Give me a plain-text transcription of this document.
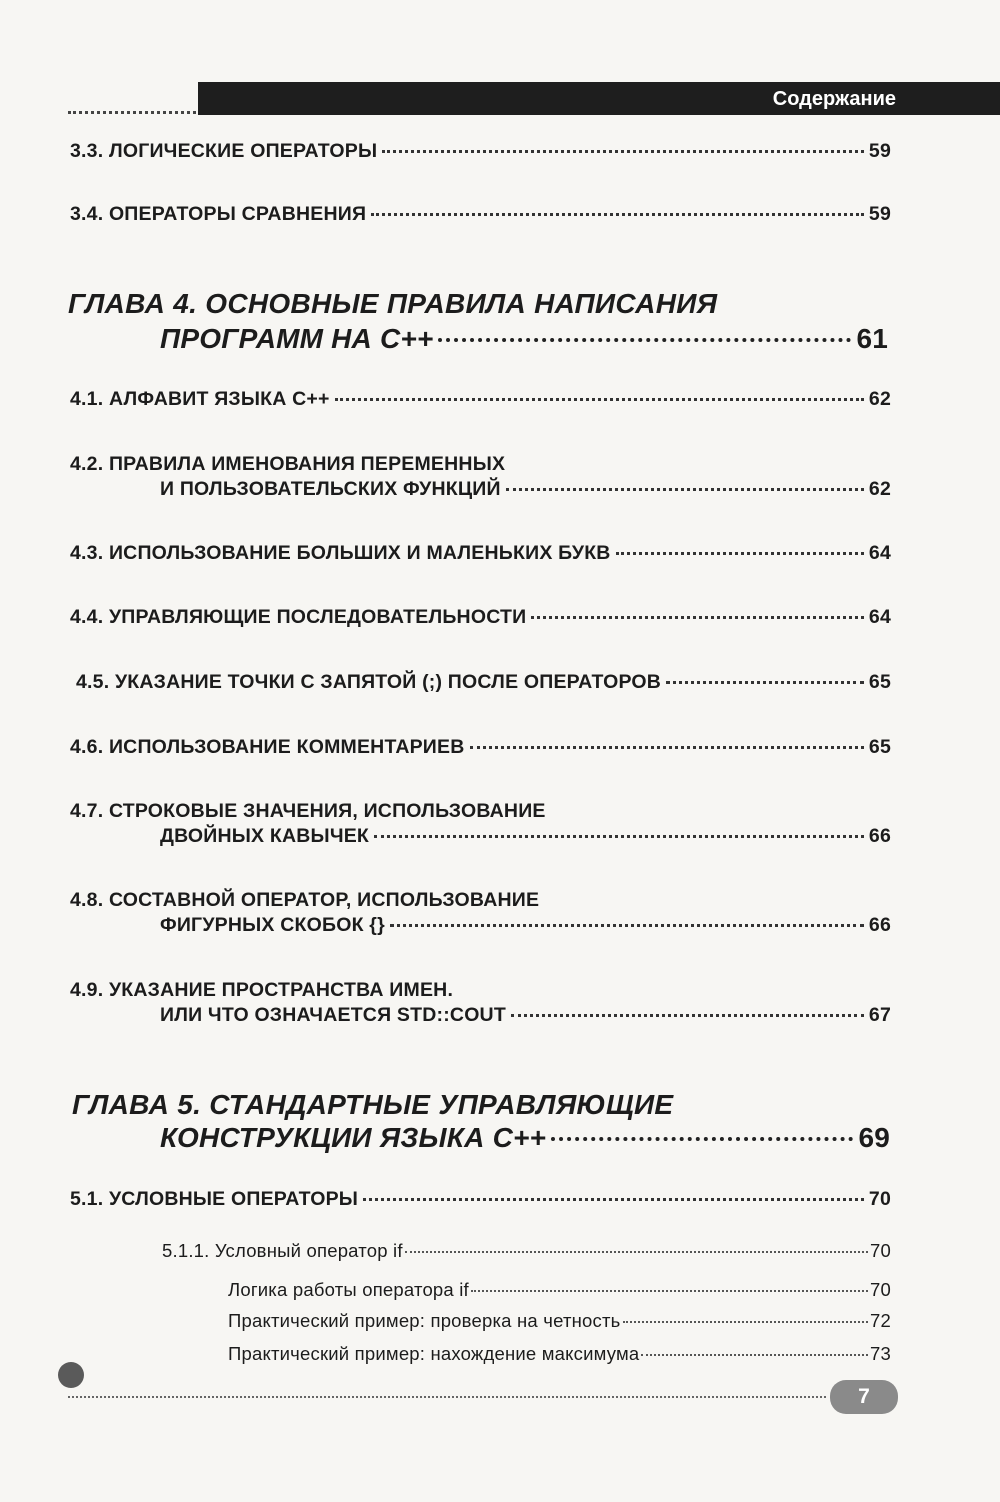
Содержание
3.3. ЛОГИЧЕСКИЕ ОПЕРАТОРЫ	59
3.4. ОПЕРАТОРЫ СРАВНЕНИЯ	59
ГЛАВА 4. ОСНОВНЫЕ ПРАВИЛА НАПИСАНИЯ
ПРОГРАММ НА С++	61
4.1. АЛФАВИТ ЯЗЫКА С++	62
4.2. ПРАВИЛА ИМЕНОВАНИЯ ПЕРЕМЕННЫХ
И ПОЛЬЗОВАТЕЛЬСКИХ ФУНКЦИЙ	62
4.3. ИСПОЛЬЗОВАНИЕ БОЛЬШИХ И МАЛЕНЬКИХ БУКВ	64
4.4. УПРАВЛЯЮЩИЕ ПОСЛЕДОВАТЕЛЬНОСТИ	64
4.5. УКАЗАНИЕ ТОЧКИ С ЗАПЯТОЙ (;) ПОСЛЕ ОПЕРАТОРОВ	65
4.6. ИСПОЛЬЗОВАНИЕ КОММЕНТАРИЕВ	65
4.7. СТРОКОВЫЕ ЗНАЧЕНИЯ, ИСПОЛЬЗОВАНИЕ
ДВОЙНЫХ КАВЫЧЕК	66
4.8. СОСТАВНОЙ ОПЕРАТОР, ИСПОЛЬЗОВАНИЕ
ФИГУРНЫХ СКОБОК {}	66
4.9. УКАЗАНИЕ ПРОСТРАНСТВА ИМЕН.
ИЛИ ЧТО ОЗНАЧАЕТСЯ STD::COUT	67
ГЛАВА 5. СТАНДАРТНЫЕ УПРАВЛЯЮЩИЕ
КОНСТРУКЦИИ ЯЗЫКА С++	69
5.1. УСЛОВНЫЕ ОПЕРАТОРЫ	70
5.1.1. Условный оператор if	70
Логика работы оператора if	70
Практический пример: проверка на четность	72
Практический пример: нахождение максимума	73
7
